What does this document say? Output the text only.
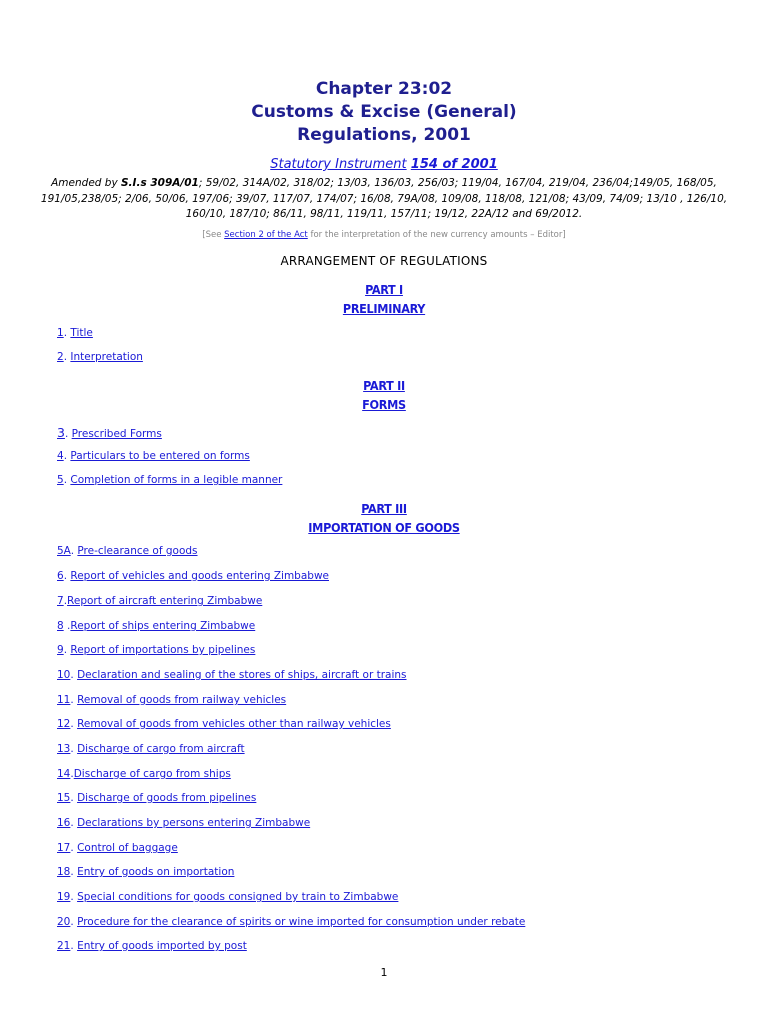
Chapter 23:02
Customs & Excise (General)
Regulations, 2001
Statutory Instrument 154 of 2001
Amended by S.I.s 309A/01; 59/02, 314A/02, 318/02; 13/03, 136/03, 256/03; 119/04, 167/04, 219/04, 236/04;149/05, 168/05, 191/05,238/05; 2/06, 50/06, 197/06; 39/07, 117/07, 174/07; 16/08, 79A/08, 109/08, 118/08, 121/08; 43/09, 74/09; 13/10 , 126/10, 160/10, 187/10; 86/11, 98/11, 119/11, 157/11; 19/12, 22A/12 and 69/2012.
[See Section 2 of the Act for the interpretation of the new currency amounts – Editor]
ARRANGEMENT OF REGULATIONS
PART I
PRELIMINARY
PART II
FORMS
PART III
IMPORTATION OF GOODS
1. Title
2. Interpretation
3. Prescribed Forms
4. Particulars to be entered on forms
5. Completion of forms in a legible manner
5A. Pre-clearance of goods
6. Report of vehicles and goods entering Zimbabwe
7.Report of aircraft entering Zimbabwe
8 .Report of ships entering Zimbabwe
9. Report of importations by pipelines
10. Declaration and sealing of the stores of ships, aircraft or trains
11. Removal of goods from railway vehicles
12. Removal of goods from vehicles other than railway vehicles
13. Discharge of cargo from aircraft
14.Discharge of cargo from ships
15. Discharge of goods from pipelines
16. Declarations by persons entering Zimbabwe
17. Control of baggage
18. Entry of goods on importation
19. Special conditions for goods consigned by train to Zimbabwe
20. Procedure for the clearance of spirits or wine imported for consumption under rebate
21. Entry of goods imported by post
1
